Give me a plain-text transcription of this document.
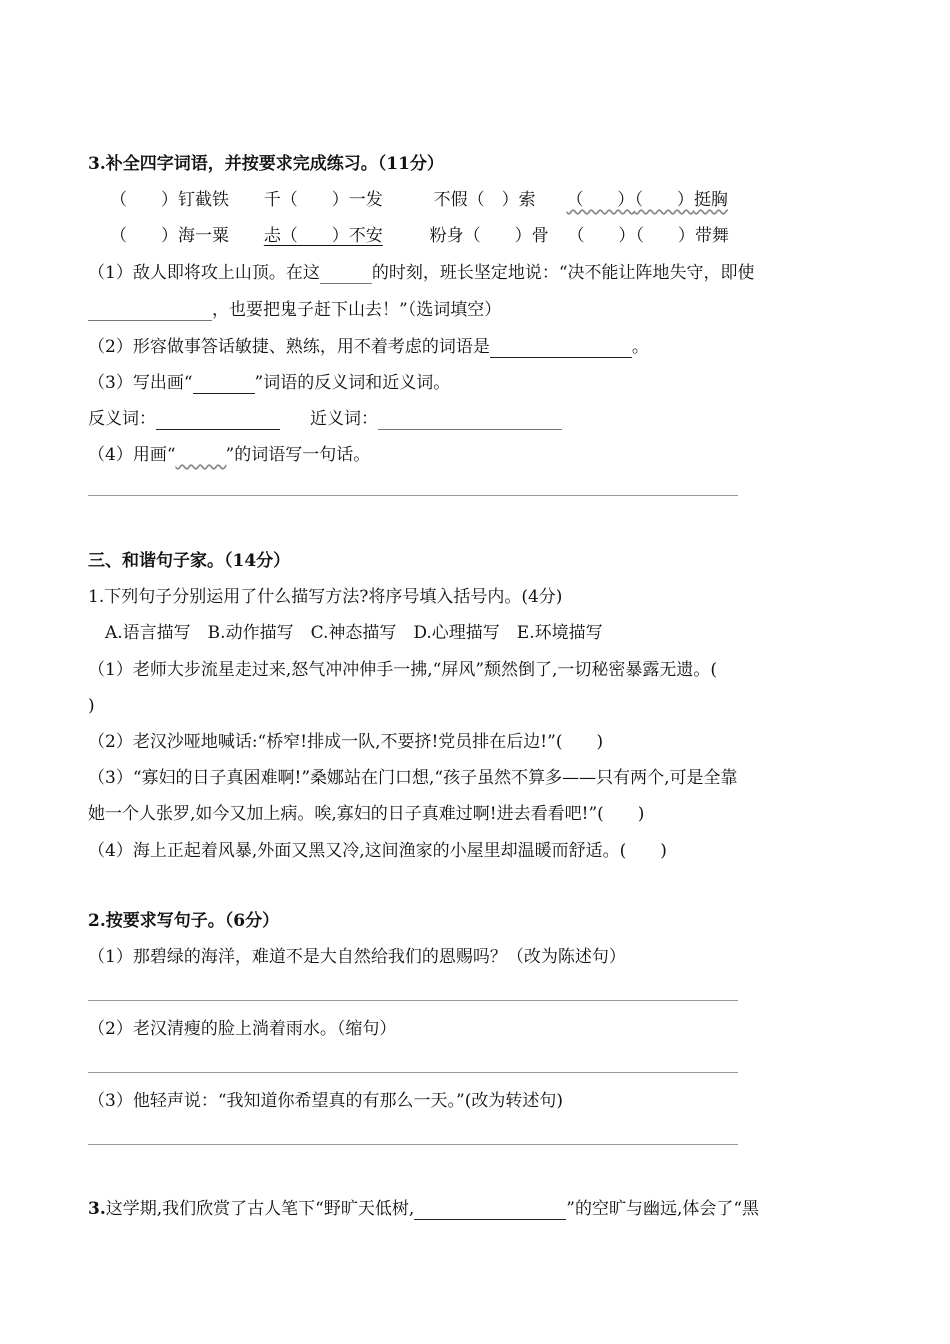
3.补全四字词语，并按要求完成练习。（11分）
（　　）钉截铁 千（　　）一发	不假（　）索 （　　）（　　）挺胸
（　　）海一粟 忐（　　）不安	粉身（　　）骨 （　　）（　　）带舞
（1）敌人即将攻上山顶。在这	的时刻，班长坚定地说：“决不能让阵地失守，即使
，也要把鬼子赶下山去！”（选词填空）
（2）形容做事答话敏捷、熟练，用不着考虑的词语是	。
（3）写出画“	”词语的反义词和近义词。
反义词：	近义词：
（4）用画“　　　	”的词语写一句话。
三、和谐句子家。（14分）
1.下列句子分别运用了什么描写方法?将序号填入括号内。(4分)
A.语言描写　B.动作描写　C.神态描写　D.心理描写　E.环境描写
（1）老师大步流星走过来,怒气冲冲伸手一拂,“屏风”颓然倒了,一切秘密暴露无遗。(
)
（2）老汉沙哑地喊话:“桥窄!排成一队,不要挤!党员排在后边!”(　　)
（3）“寡妇的日子真困难啊!”桑娜站在门口想,“孩子虽然不算多——只有两个,可是全靠
她一个人张罗,如今又加上病。唉,寡妇的日子真难过啊!进去看看吧!”(　　)
（4）海上正起着风暴,外面又黑又冷,这间渔家的小屋里却温暖而舒适。(　　)
2.按要求写句子。（6分）
（1）那碧绿的海洋，难道不是大自然给我们的恩赐吗？（改为陈述句）
（2）老汉清瘦的脸上淌着雨水。（缩句）
（3）他轻声说：“我知道你希望真的有那么一天。”(改为转述句)
3.这学期,我们欣赏了古人笔下“野旷天低树,	”的空旷与幽远,体会了“黑
